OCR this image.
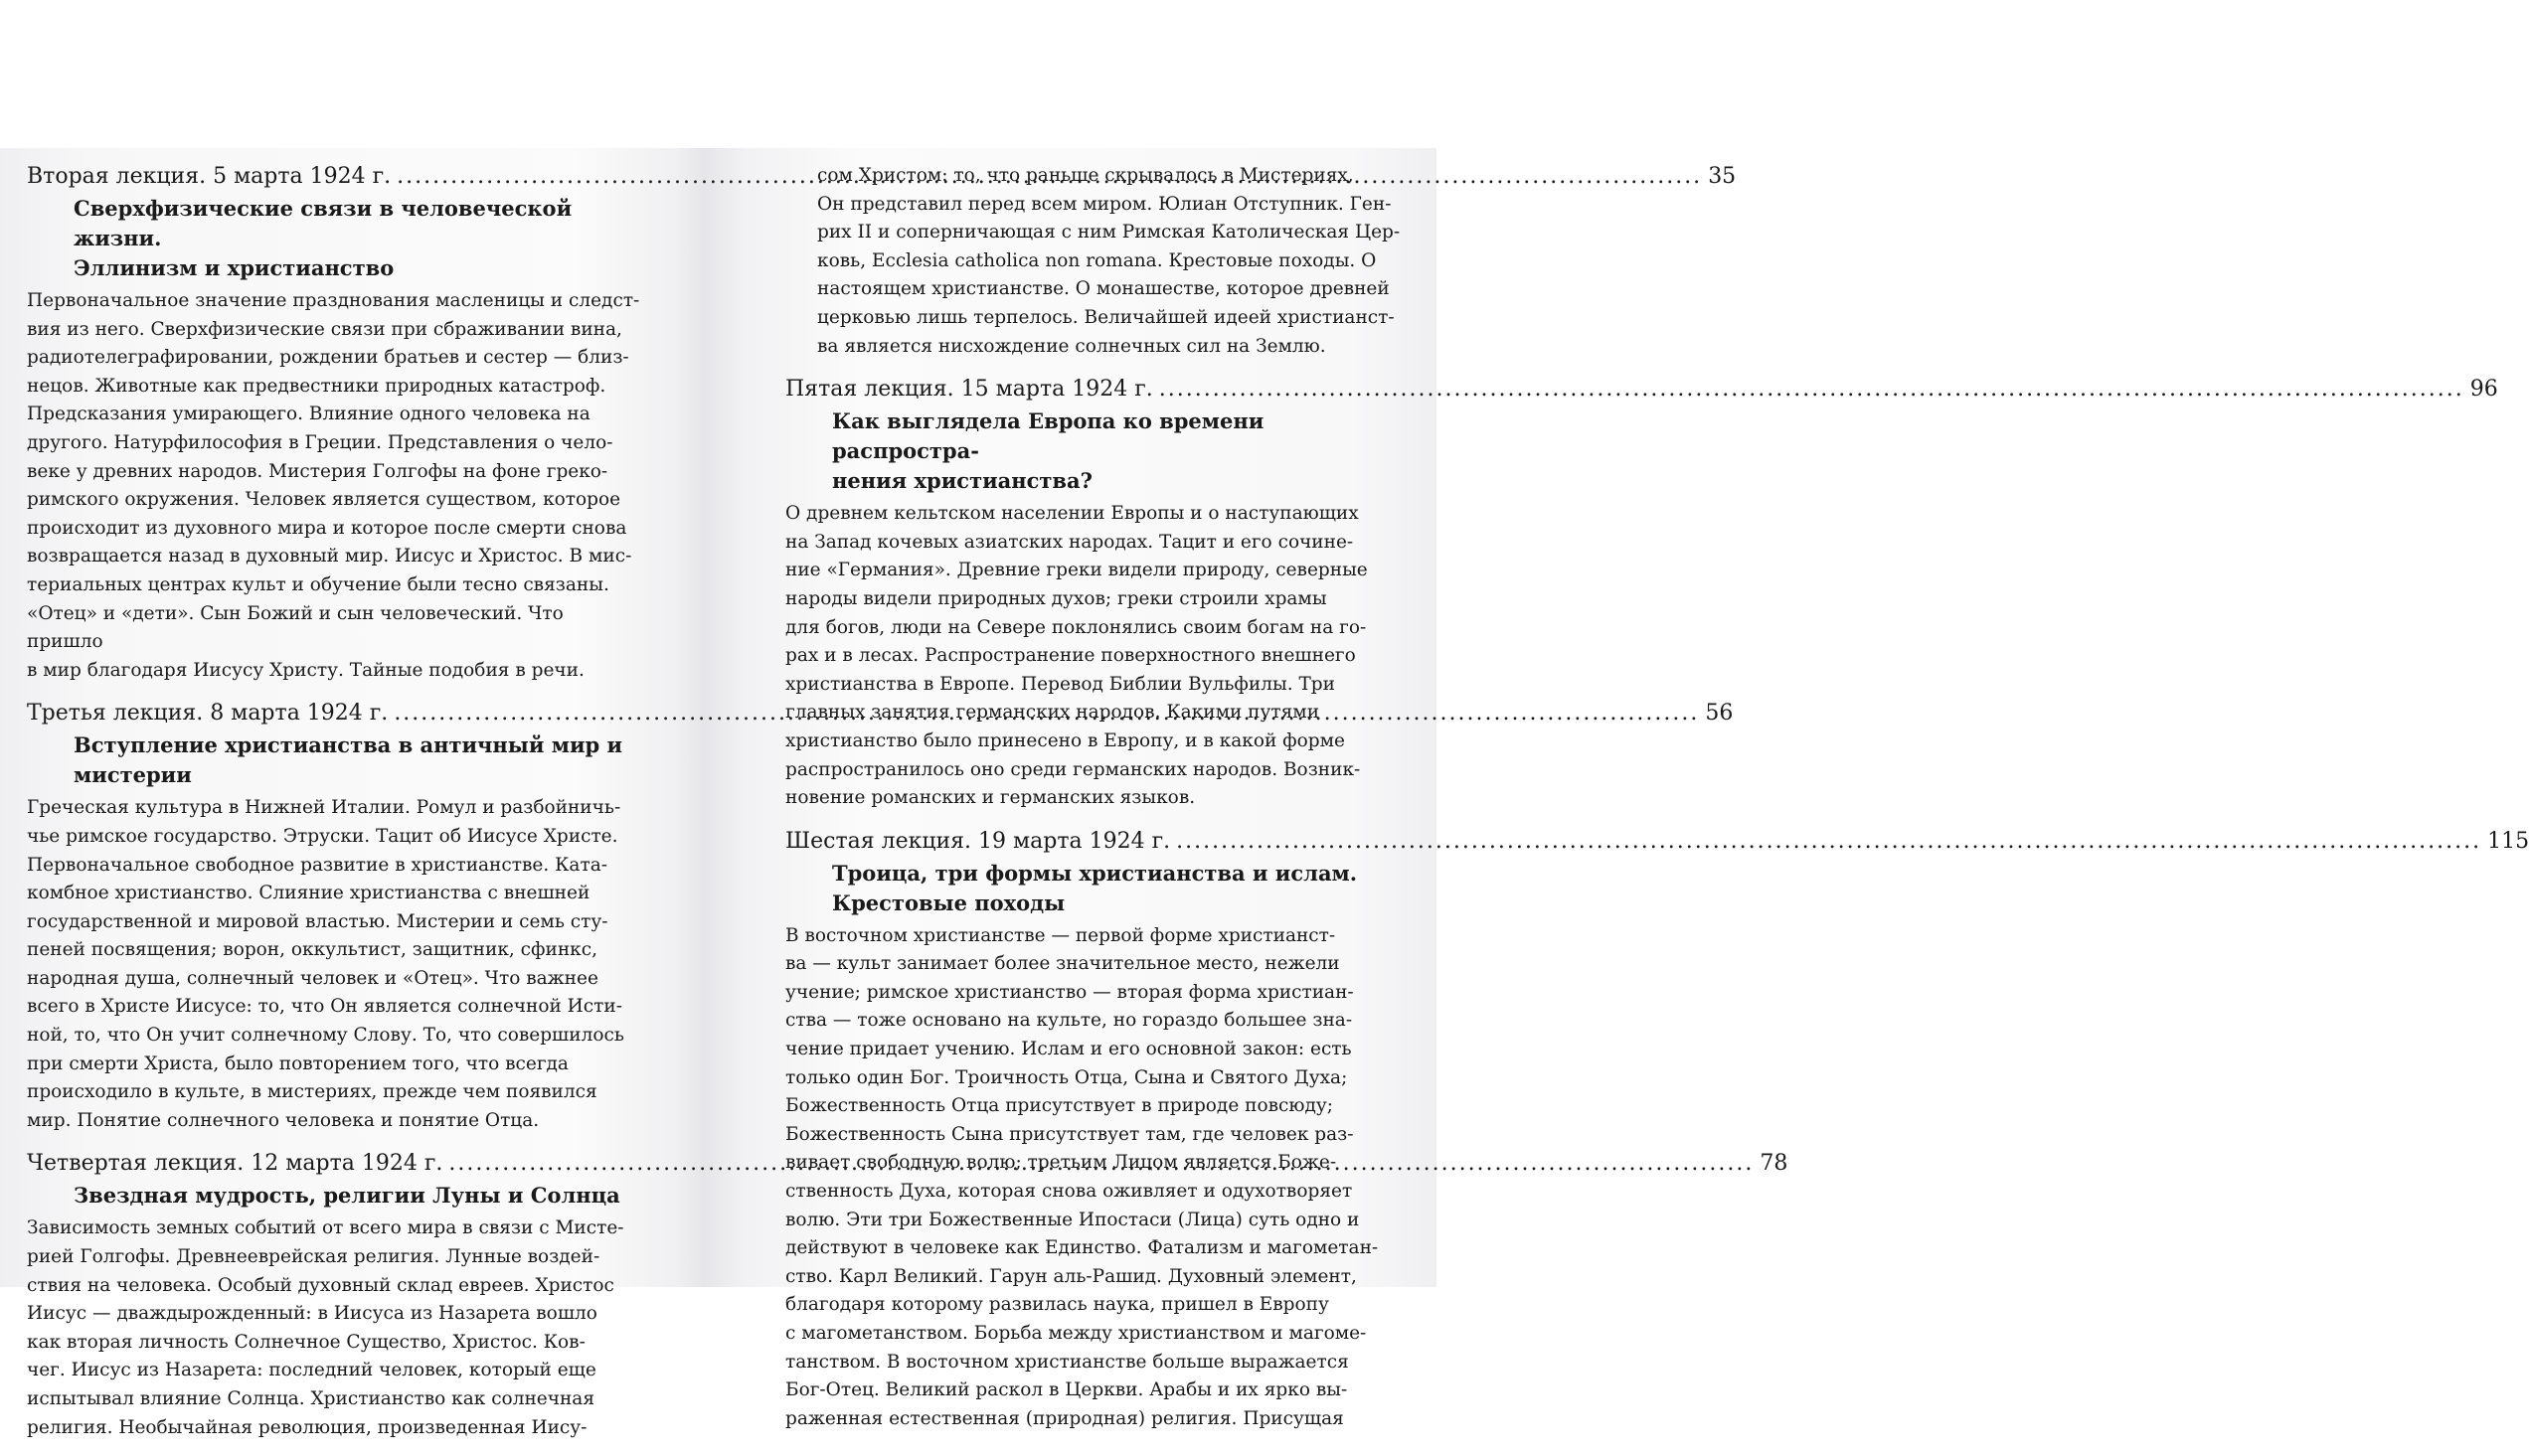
Вторая лекция. 5 марта 1924 г. .....	35
Сверхфизические связи в человеческой жизни.
Эллинизм и христианство
Первоначальное значение празднования масленицы и следст-
вия из него. Сверхфизические связи при сбраживании вина,
радиотелеграфировании, рождении братьев и сестер — близ-
нецов. Животные как предвестники природных катастроф.
Предсказания умирающего. Влияние одного человека на
другого. Натурфилософия в Греции. Представления о чело-
веке у древних народов. Мистерия Голгофы на фоне греко-
римского окружения. Человек является существом, которое
происходит из духовного мира и которое после смерти снова
возвращается назад в духовный мир. Иисус и Христос. В мис-
териальных центрах культ и обучение были тесно связаны.
«Отец» и «дети». Сын Божий и сын человеческий. Что пришло
в мир благодаря Иисусу Христу. Тайные подобия в речи.
Третья лекция. 8 марта 1924 г. .....	56
Вступление христианства в античный мир и
мистерии
Греческая культура в Нижней Италии. Ромул и разбойничь-
чье римское государство. Этруски. Тацит об Иисусе Христе.
Первоначальное свободное развитие в христианстве. Ката-
комбное христианство. Слияние христианства с внешней
государственной и мировой властью. Мистерии и семь сту-
пеней посвящения; ворон, оккультист, защитник, сфинкс,
народная душа, солнечный человек и «Отец». Что важнее
всего в Христе Иисусе: то, что Он является солнечной Исти-
ной, то, что Он учит солнечному Слову. То, что совершилось
при смерти Христа, было повторением того, что всегда
происходило в культе, в мистериях, прежде чем появился
мир. Понятие солнечного человека и понятие Отца.
Четвертая лекция. 12 марта 1924 г. .....	78
Звездная мудрость, религии Луны и Солнца
Зависимость земных событий от всего мира в связи с Мисте-
рией Голгофы. Древнееврейская религия. Лунные воздей-
ствия на человека. Особый духовный склад евреев. Христос
Иисус — дваждырожденный: в Иисуса из Назарета вошло
как вторая личность Солнечное Существо, Христос. Ков-
чег. Иисус из Назарета: последний человек, который еще
испытывал влияние Солнца. Христианство как солнечная
религия. Необычайная революция, произведенная Иису-
сом Христом: то, что раньше скрывалось в Мистериях,
Он представил перед всем миром. Юлиан Отступник. Ген-
рих II и соперничающая с ним Римская Католическая Цер-
ковь, Ecclesia catholica non romana. Крестовые походы. О
настоящем христианстве. О монашестве, которое древней
церковью лишь терпелось. Величайшей идеей христианст-
ва является нисхождение солнечных сил на Землю.
Пятая лекция. 15 марта 1924 г. .....	96
Как выглядела Европа ко времени распростра-
нения христианства?
О древнем кельтском населении Европы и о наступающих
на Запад кочевых азиатских народах. Тацит и его сочине-
ние «Германия». Древние греки видели природу, северные
народы видели природных духов; греки строили храмы
для богов, люди на Севере поклонялись своим богам на го-
рах и в лесах. Распространение поверхностного внешнего
христианства в Европе. Перевод Библии Вульфилы. Три
главных занятия германских народов. Какими путями
христианство было принесено в Европу, и в какой форме
распространилось оно среди германских народов. Возник-
новение романских и германских языков.
Шестая лекция. 19 марта 1924 г. .....	115
Троица, три формы христианства и ислам.
Крестовые походы
В восточном христианстве — первой форме христианст-
ва — культ занимает более значительное место, нежели
учение; римское христианство — вторая форма христиан-
ства — тоже основано на культе, но гораздо большее зна-
чение придает учению. Ислам и его основной закон: есть
только один Бог. Троичность Отца, Сына и Святого Духа;
Божественность Отца присутствует в природе повсюду;
Божественность Сына присутствует там, где человек раз-
вивает свободную волю; третьим Лицом является Боже-
ственность Духа, которая снова оживляет и одухотворяет
волю. Эти три Божественные Ипостаси (Лица) суть одно и
действуют в человеке как Единство. Фатализм и магометан-
ство. Карл Великий. Гарун аль-Рашид. Духовный элемент,
благодаря которому развилась наука, пришел в Европу
с магометанством. Борьба между христианством и магоме-
танством. В восточном христианстве больше выражается
Бог-Отец. Великий раскол в Церкви. Арабы и их ярко вы-
раженная естественная (природная) религия. Присущая
